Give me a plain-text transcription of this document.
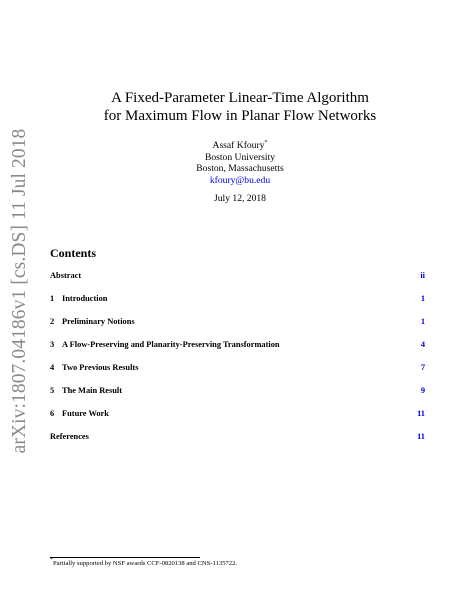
arXiv:1807.04186v1 [cs.DS] 11 Jul 2018
A Fixed-Parameter Linear-Time Algorithm
for Maximum Flow in Planar Flow Networks
Assaf Kfoury*
Boston University
Boston, Massachusetts
kfoury@bu.edu
July 12, 2018
Contents
Abstract	ii
1 Introduction	1
2 Preliminary Notions	1
3 A Flow-Preserving and Planarity-Preserving Transformation	4
4 Two Previous Results	7
5 The Main Result	9
6 Future Work	11
References	11
*Partially supported by NSF awards CCF-0820138 and CNS-1135722.
